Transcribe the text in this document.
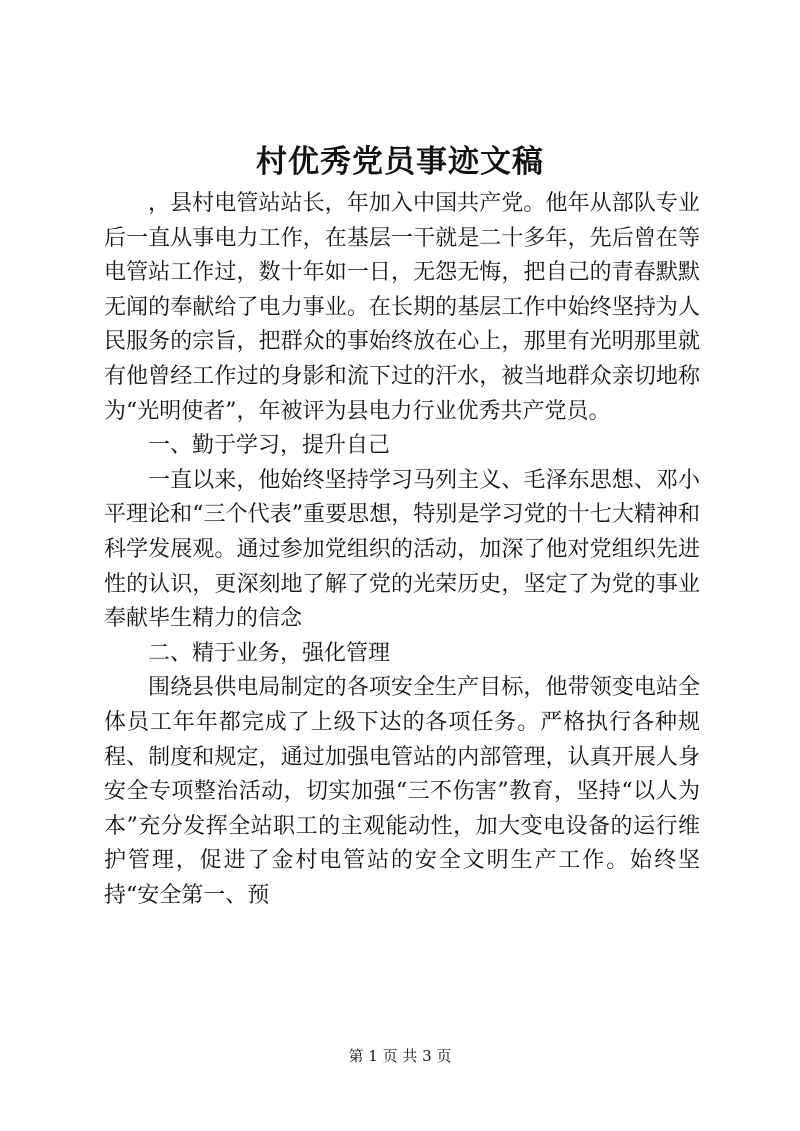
村优秀党员事迹文稿

，县村电管站站长，年加入中国共产党。他年从部队专业后一直从事电力工作，在基层一干就是二十多年，先后曾在等电管站工作过，数十年如一日，无怨无悔，把自己的青春默默无闻的奉献给了电力事业。在长期的基层工作中始终坚持为人民服务的宗旨，把群众的事始终放在心上，那里有光明那里就有他曾经工作过的身影和流下过的汗水，被当地群众亲切地称为“光明使者”，年被评为县电力行业优秀共产党员。

一、勤于学习，提升自己

一直以来，他始终坚持学习马列主义、毛泽东思想、邓小平理论和“三个代表”重要思想，特别是学习党的十七大精神和科学发展观。通过参加党组织的活动，加深了他对党组织先进性的认识，更深刻地了解了党的光荣历史，坚定了为党的事业奉献毕生精力的信念

二、精于业务，强化管理

围绕县供电局制定的各项安全生产目标，他带领变电站全体员工年年都完成了上级下达的各项任务。严格执行各种规程、制度和规定，通过加强电管站的内部管理，认真开展人身安全专项整治活动，切实加强“三不伤害”教育，坚持“以人为本”充分发挥全站职工的主观能动性，加大变电设备的运行维护管理，促进了金村电管站的安全文明生产工作。始终坚持“安全第一、预

第 1 页 共 3 页
